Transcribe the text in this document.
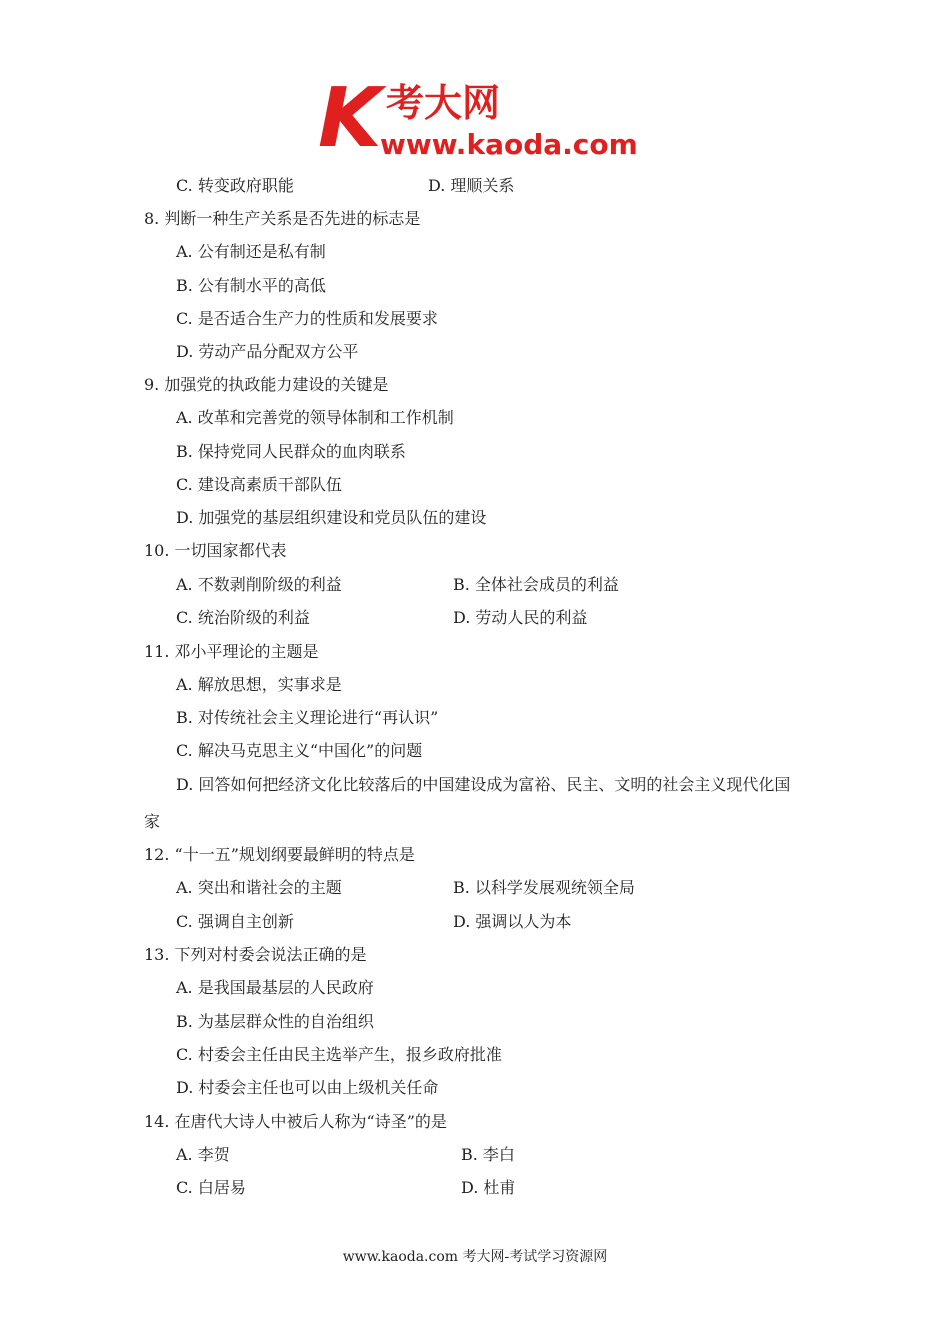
K 考大网
www.kaoda.com
C. 转变政府职能	D. 理顺关系
8. 判断一种生产关系是否先进的标志是
A. 公有制还是私有制
B. 公有制水平的高低
C. 是否适合生产力的性质和发展要求
D. 劳动产品分配双方公平
9. 加强党的执政能力建设的关键是
A. 改革和完善党的领导体制和工作机制
B. 保持党同人民群众的血肉联系
C. 建设高素质干部队伍
D. 加强党的基层组织建设和党员队伍的建设
10. 一切国家都代表
A. 不数剥削阶级的利益	B. 全体社会成员的利益
C. 统治阶级的利益	D. 劳动人民的利益
11. 邓小平理论的主题是
A. 解放思想，实事求是
B. 对传统社会主义理论进行“再认识”
C. 解决马克思主义“中国化”的问题
D. 回答如何把经济文化比较落后的中国建设成为富裕、民主、文明的社会主义现代化国
家
12. “十一五”规划纲要最鲜明的特点是
A. 突出和谐社会的主题	B. 以科学发展观统领全局
C. 强调自主创新	D. 强调以人为本
13. 下列对村委会说法正确的是
A. 是我国最基层的人民政府
B. 为基层群众性的自治组织
C. 村委会主任由民主选举产生，报乡政府批准
D. 村委会主任也可以由上级机关任命
14. 在唐代大诗人中被后人称为“诗圣”的是
A. 李贺	B. 李白
C. 白居易	D. 杜甫
www.kaoda.com 考大网-考试学习资源网
